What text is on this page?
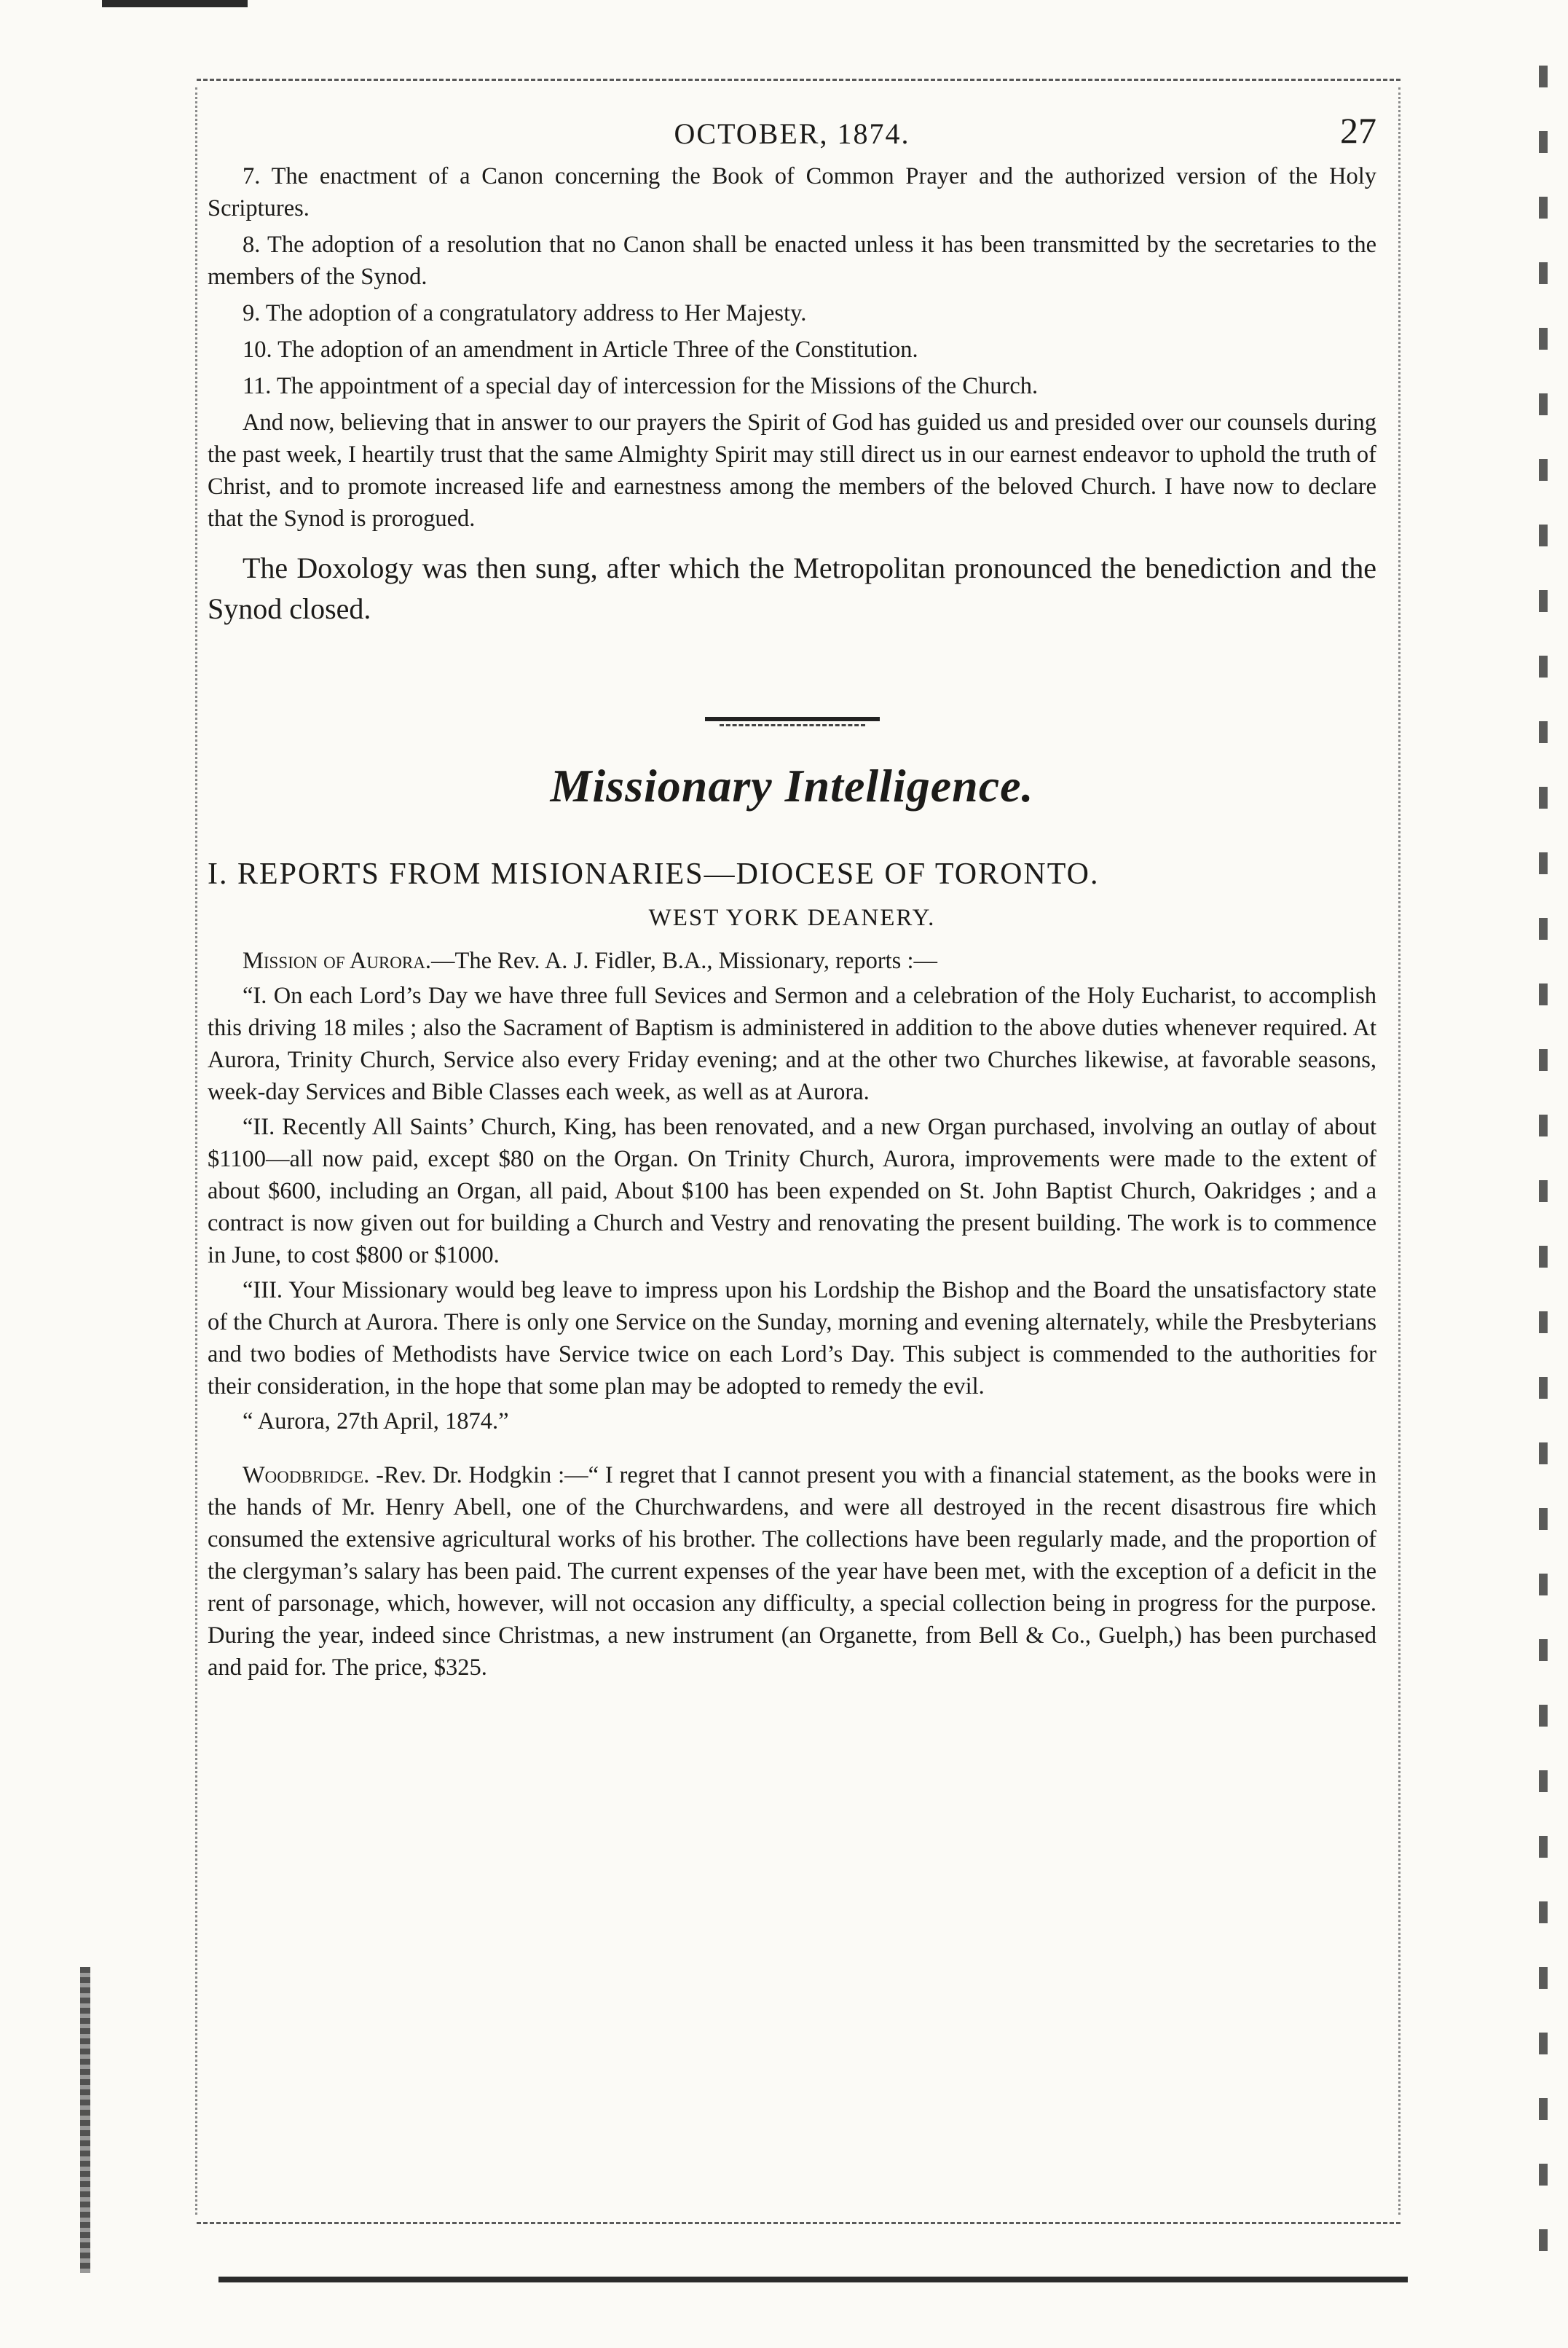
OCTOBER, 1874.	27

7. The enactment of a Canon concerning the Book of Common Prayer and the authorized version of the Holy Scriptures.

8. The adoption of a resolution that no Canon shall be enacted unless it has been transmitted by the secretaries to the members of the Synod.

9. The adoption of a congratulatory address to Her Majesty.

10. The adoption of an amendment in Article Three of the Constitution.

11. The appointment of a special day of intercession for the Missions of the Church.

And now, believing that in answer to our prayers the Spirit of God has guided us and presided over our counsels during the past week, I heartily trust that the same Almighty Spirit may still direct us in our earnest endeavor to uphold the truth of Christ, and to promote increased life and earnestness among the members of the beloved Church. I have now to declare that the Synod is prorogued.

The Doxology was then sung, after which the Metropolitan pronounced the benediction and the Synod closed.

Missionary Intelligence.
I. REPORTS FROM MISIONARIES—DIOCESE OF TORONTO.
WEST YORK DEANERY.

Mission of Aurora.—The Rev. A. J. Fidler, B.A., Missionary, reports :—

“I. On each Lord’s Day we have three full Sevices and Sermon and a celebration of the Holy Eucharist, to accomplish this driving 18 miles ; also the Sacrament of Baptism is administered in addition to the above duties whenever required. At Aurora, Trinity Church, Service also every Friday evening; and at the other two Churches likewise, at favorable seasons, week-day Services and Bible Classes each week, as well as at Aurora.

“II. Recently All Saints’ Church, King, has been renovated, and a new Organ purchased, involving an outlay of about $1100—all now paid, except $80 on the Organ. On Trinity Church, Aurora, improvements were made to the extent of about $600, including an Organ, all paid, About $100 has been expended on St. John Baptist Church, Oakridges ; and a contract is now given out for building a Church and Vestry and renovating the present building. The work is to commence in June, to cost $800 or $1000.

“III. Your Missionary would beg leave to impress upon his Lordship the Bishop and the Board the unsatisfactory state of the Church at Aurora. There is only one Service on the Sunday, morning and evening alternately, while the Presbyterians and two bodies of Methodists have Service twice on each Lord’s Day. This subject is commended to the authorities for their consideration, in the hope that some plan may be adopted to remedy the evil.

“ Aurora, 27th April, 1874.”

Woodbridge. -Rev. Dr. Hodgkin :—“ I regret that I cannot present you with a financial statement, as the books were in the hands of Mr. Henry Abell, one of the Churchwardens, and were all destroyed in the recent disastrous fire which consumed the extensive agricultural works of his brother. The collections have been regularly made, and the proportion of the clergyman’s salary has been paid. The current expenses of the year have been met, with the exception of a deficit in the rent of parsonage, which, however, will not occasion any difficulty, a special collection being in progress for the purpose. During the year, indeed since Christmas, a new instrument (an Organette, from Bell & Co., Guelph,) has been purchased and paid for. The price, $325.
